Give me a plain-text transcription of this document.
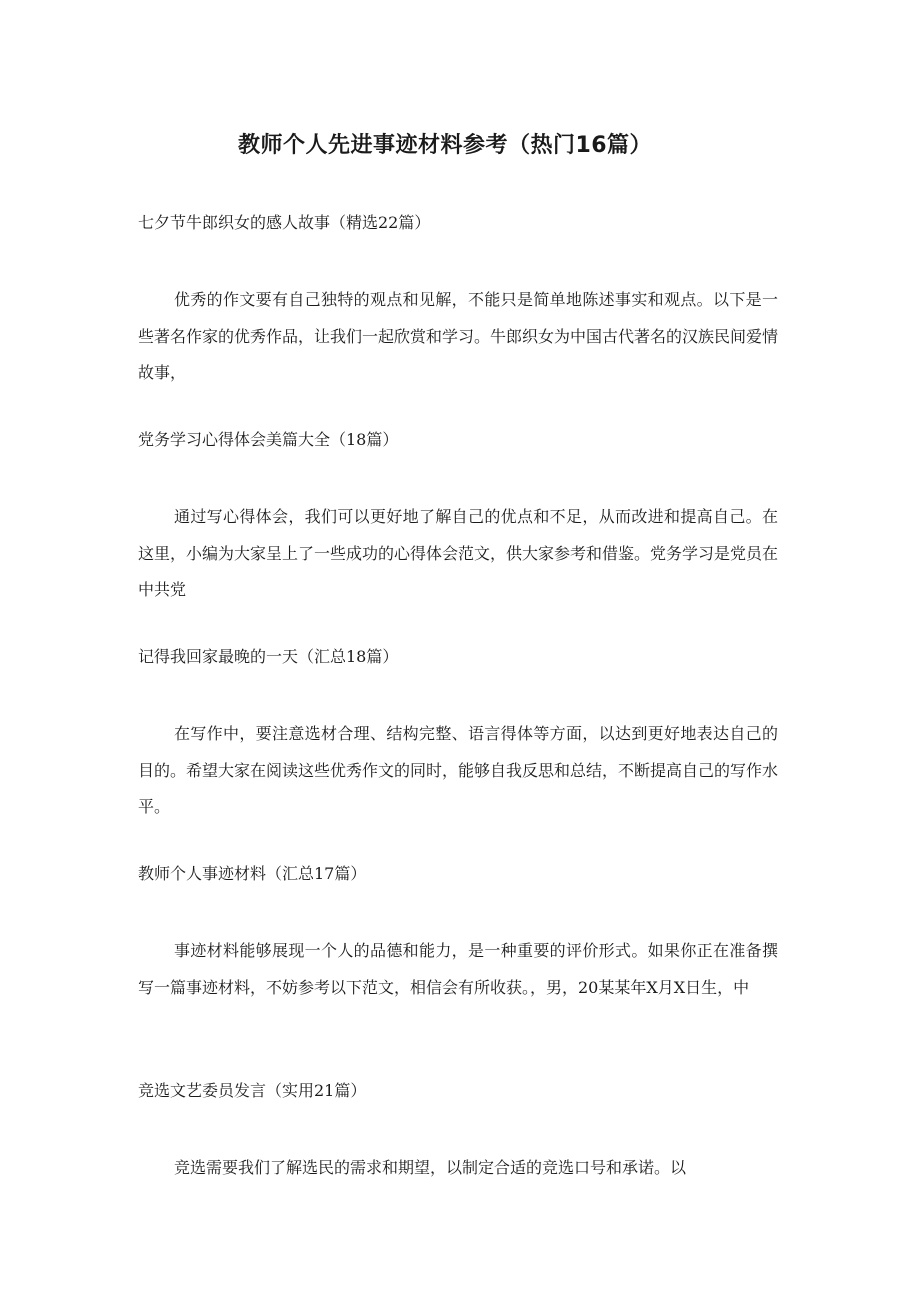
教师个人先进事迹材料参考（热门16篇）

七夕节牛郎织女的感人故事（精选22篇）

优秀的作文要有自己独特的观点和见解，不能只是简单地陈述事实和观点。以下是一些著名作家的优秀作品，让我们一起欣赏和学习。牛郎织女为中国古代著名的汉族民间爱情故事，

党务学习心得体会美篇大全（18篇）

通过写心得体会，我们可以更好地了解自己的优点和不足，从而改进和提高自己。在这里，小编为大家呈上了一些成功的心得体会范文，供大家参考和借鉴。党务学习是党员在中共党

记得我回家最晚的一天（汇总18篇）

在写作中，要注意选材合理、结构完整、语言得体等方面，以达到更好地表达自己的目的。希望大家在阅读这些优秀作文的同时，能够自我反思和总结，不断提高自己的写作水平。

教师个人事迹材料（汇总17篇）

事迹材料能够展现一个人的品德和能力，是一种重要的评价形式。如果你正在准备撰写一篇事迹材料，不妨参考以下范文，相信会有所收获。，男，20某某年X月X日生，中

竞选文艺委员发言（实用21篇）

竞选需要我们了解选民的需求和期望，以制定合适的竞选口号和承诺。以
